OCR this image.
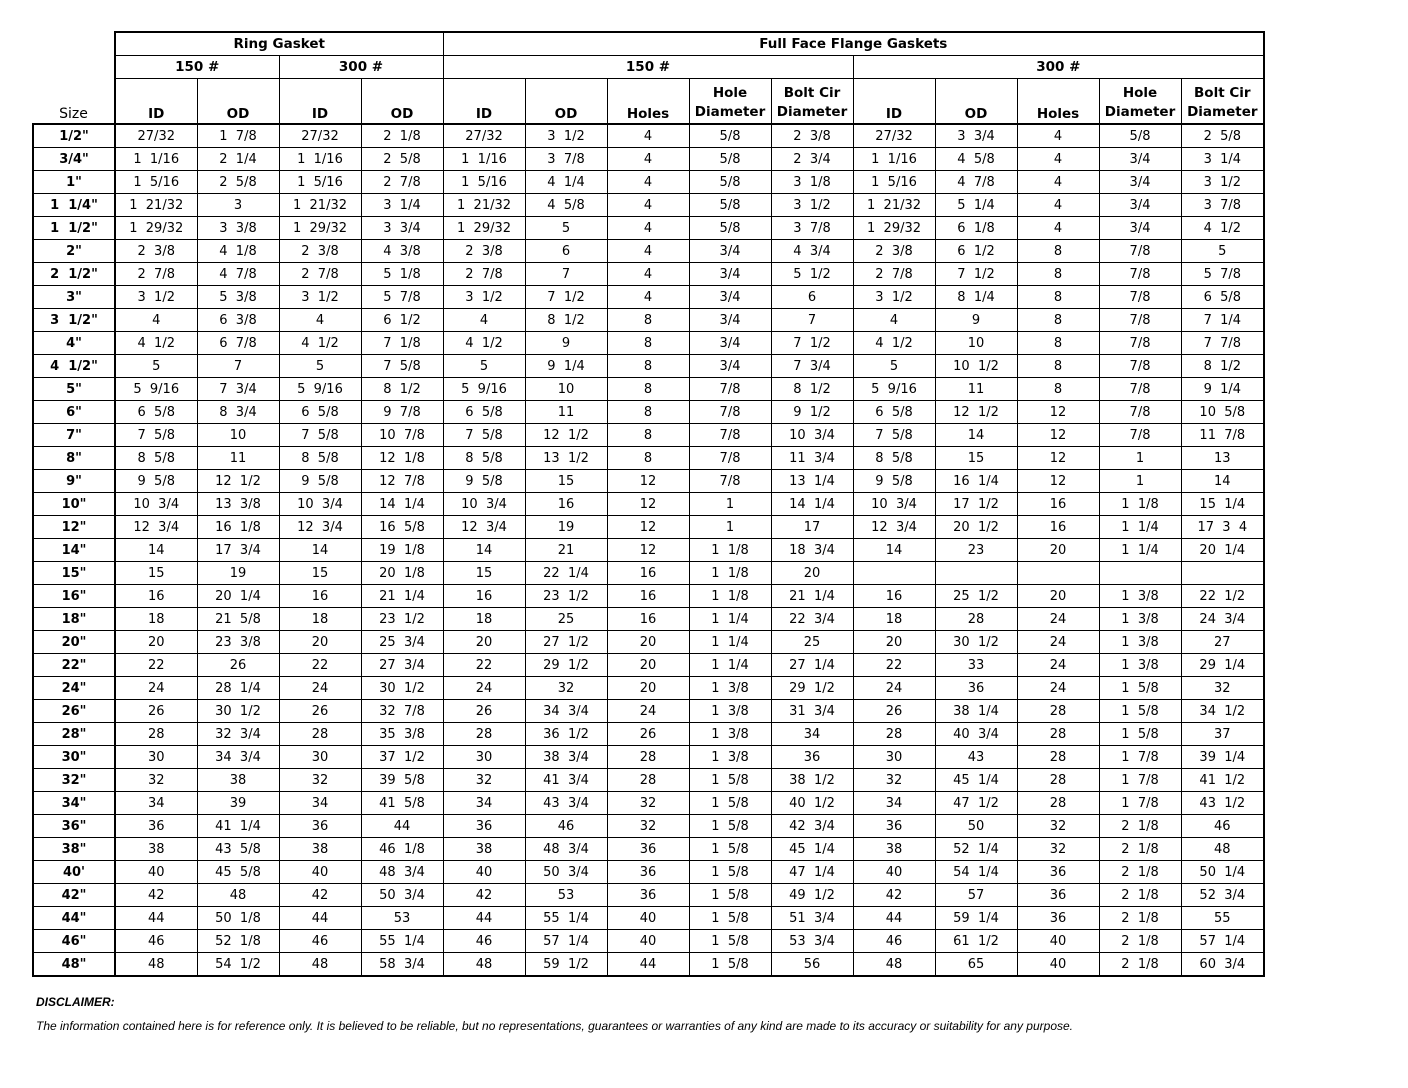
	Ring Gasket				Full Face Flange Gaskets									
	150 #		300 #		150 #					300 #				
Size	ID	OD	ID	OD	ID	OD	Holes	Hole	Bolt Cir	ID	OD	Holes	Hole	Bolt Cir
								Diameter	Diameter				Diameter	Diameter
1/2"	27/32	1  7/8	27/32	2  1/8	27/32	3  1/2	4	5/8	2  3/8	27/32	3  3/4	4	5/8	2  5/8
3/4"	1  1/16	2  1/4	1  1/16	2  5/8	1  1/16	3  7/8	4	5/8	2  3/4	1  1/16	4  5/8	4	3/4	3  1/4
1"	1  5/16	2  5/8	1  5/16	2  7/8	1  5/16	4  1/4	4	5/8	3  1/8	1  5/16	4  7/8	4	3/4	3  1/2
1  1/4"	1  21/32	3	1  21/32	3  1/4	1  21/32	4  5/8	4	5/8	3  1/2	1  21/32	5  1/4	4	3/4	3  7/8
1  1/2"	1  29/32	3  3/8	1  29/32	3  3/4	1  29/32	5	4	5/8	3  7/8	1  29/32	6  1/8	4	3/4	4  1/2
2"	2  3/8	4  1/8	2  3/8	4  3/8	2  3/8	6	4	3/4	4  3/4	2  3/8	6  1/2	8	7/8	5
2  1/2"	2  7/8	4  7/8	2  7/8	5  1/8	2  7/8	7	4	3/4	5  1/2	2  7/8	7  1/2	8	7/8	5  7/8
3"	3  1/2	5  3/8	3  1/2	5  7/8	3  1/2	7  1/2	4	3/4	6	3  1/2	8  1/4	8	7/8	6  5/8
3  1/2"	4	6  3/8	4	6  1/2	4	8  1/2	8	3/4	7	4	9	8	7/8	7  1/4
4"	4  1/2	6  7/8	4  1/2	7  1/8	4  1/2	9	8	3/4	7  1/2	4  1/2	10	8	7/8	7  7/8
4  1/2"	5	7	5	7  5/8	5	9  1/4	8	3/4	7  3/4	5	10  1/2	8	7/8	8  1/2
5"	5  9/16	7  3/4	5  9/16	8  1/2	5  9/16	10	8	7/8	8  1/2	5  9/16	11	8	7/8	9  1/4
6"	6  5/8	8  3/4	6  5/8	9  7/8	6  5/8	11	8	7/8	9  1/2	6  5/8	12  1/2	12	7/8	10  5/8
7"	7  5/8	10	7  5/8	10  7/8	7  5/8	12  1/2	8	7/8	10  3/4	7  5/8	14	12	7/8	11  7/8
8"	8  5/8	11	8  5/8	12  1/8	8  5/8	13  1/2	8	7/8	11  3/4	8  5/8	15	12	1	13
9"	9  5/8	12  1/2	9  5/8	12  7/8	9  5/8	15	12	7/8	13  1/4	9  5/8	16  1/4	12	1	14
10"	10  3/4	13  3/8	10  3/4	14  1/4	10  3/4	16	12	1	14  1/4	10  3/4	17  1/2	16	1  1/8	15  1/4
12"	12  3/4	16  1/8	12  3/4	16  5/8	12  3/4	19	12	1	17	12  3/4	20  1/2	16	1  1/4	17  3  4
14"	14	17  3/4	14	19  1/8	14	21	12	1  1/8	18  3/4	14	23	20	1  1/4	20  1/4
15"	15	19	15	20  1/8	15	22  1/4	16	1  1/8	20					
16"	16	20  1/4	16	21  1/4	16	23  1/2	16	1  1/8	21  1/4	16	25  1/2	20	1  3/8	22  1/2
18"	18	21  5/8	18	23  1/2	18	25	16	1  1/4	22  3/4	18	28	24	1  3/8	24  3/4
20"	20	23  3/8	20	25  3/4	20	27  1/2	20	1  1/4	25	20	30  1/2	24	1  3/8	27
22"	22	26	22	27  3/4	22	29  1/2	20	1  1/4	27  1/4	22	33	24	1  3/8	29  1/4
24"	24	28  1/4	24	30  1/2	24	32	20	1  3/8	29  1/2	24	36	24	1  5/8	32
26"	26	30  1/2	26	32  7/8	26	34  3/4	24	1  3/8	31  3/4	26	38  1/4	28	1  5/8	34  1/2
28"	28	32  3/4	28	35  3/8	28	36  1/2	26	1  3/8	34	28	40  3/4	28	1  5/8	37
30"	30	34  3/4	30	37  1/2	30	38  3/4	28	1  3/8	36	30	43	28	1  7/8	39  1/4
32"	32	38	32	39  5/8	32	41  3/4	28	1  5/8	38  1/2	32	45  1/4	28	1  7/8	41  1/2
34"	34	39	34	41  5/8	34	43  3/4	32	1  5/8	40  1/2	34	47  1/2	28	1  7/8	43  1/2
36"	36	41  1/4	36	44	36	46	32	1  5/8	42  3/4	36	50	32	2  1/8	46
38"	38	43  5/8	38	46  1/8	38	48  3/4	36	1  5/8	45  1/4	38	52  1/4	32	2  1/8	48
40'	40	45  5/8	40	48  3/4	40	50  3/4	36	1  5/8	47  1/4	40	54  1/4	36	2  1/8	50  1/4
42"	42	48	42	50  3/4	42	53	36	1  5/8	49  1/2	42	57	36	2  1/8	52  3/4
44"	44	50  1/8	44	53	44	55  1/4	40	1  5/8	51  3/4	44	59  1/4	36	2  1/8	55
46"	46	52  1/8	46	55  1/4	46	57  1/4	40	1  5/8	53  3/4	46	61  1/2	40	2  1/8	57  1/4
48"	48	54  1/2	48	58  3/4	48	59  1/2	44	1  5/8	56	48	65	40	2  1/8	60  3/4
DISCLAIMER:
The information contained here is for reference only. It is believed to be reliable, but no representations, guarantees or warranties of any kind are made to its accuracy or suitability for any purpose.
